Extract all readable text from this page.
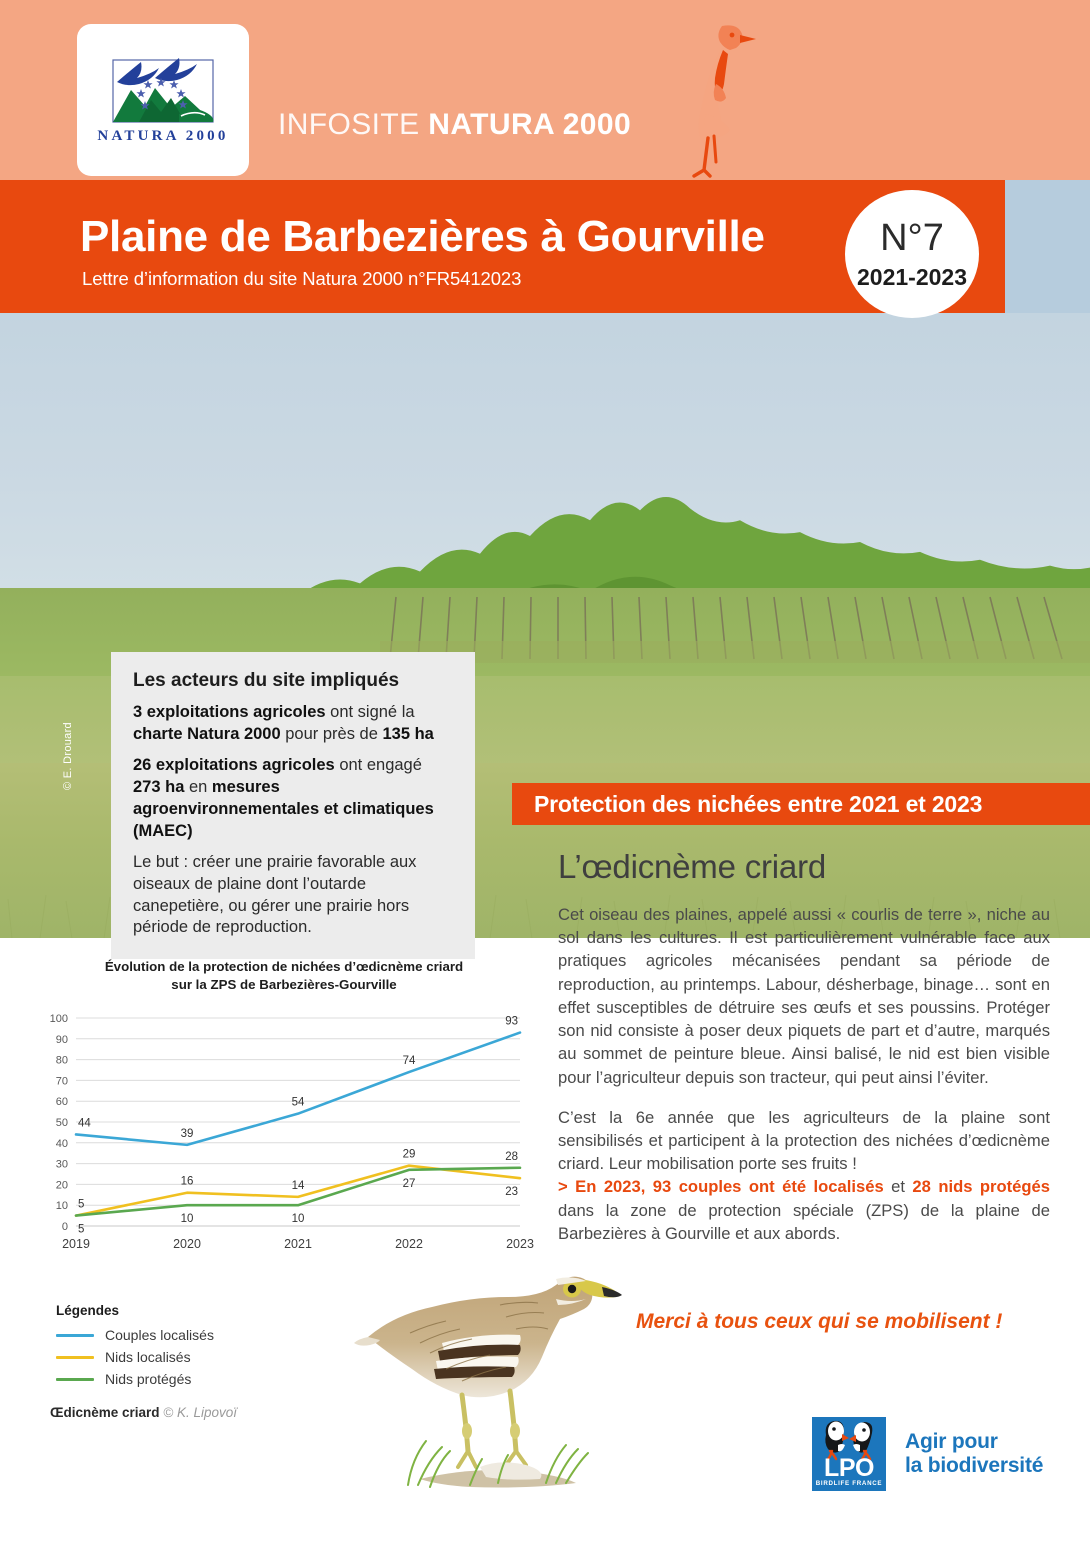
NATURA 2000 INFOSITE NATURA 2000
Plaine de Barbezières à Gourville
Lettre d’information du site Natura 2000 n°FR5412023
N°7
2021-2023
© E. Drouard
Les acteurs du site impliqués

3 exploitations agricoles ont signé la charte Natura 2000 pour près de 135 ha

26 exploitations agricoles ont engagé
273 ha en mesures agroenvironnementales et climatiques (MAEC)

Le but : créer une prairie favorable aux oiseaux de plaine dont l’outarde canepetière, ou gérer une prairie hors période de reproduction.

Protection des nichées entre 2021 et 2023
L’œdicnème criard

Cet oiseau des plaines, appelé aussi « courlis de terre », niche au sol dans les cultures. Il est particulièrement vulnérable face aux pratiques agricoles mécanisées pendant sa période de reproduction, au printemps. Labour, désherbage, binage… sont en effet susceptibles de détruire ses œufs et ses poussins. Protéger son nid consiste à poser deux piquets de part et d’autre, marqués au sommet de peinture bleue. Ainsi balisé, le nid est bien visible pour l’agriculteur depuis son tracteur, qui peut ainsi l’éviter.

C’est la 6e année que les agriculteurs de la plaine sont sensibilisés et participent à la protection des nichées d’œdicnème criard. Leur mobilisation porte ses fruits !

> En 2023, 93 couples ont été localisés et 28 nids protégés dans la zone de protection spéciale (ZPS) de la plaine de Barbezières à Gourville et aux abords.

Merci à tous ceux qui se mobilisent !
Évolution de la protection de nichées d’œdicnème criard
sur la ZPS de Barbezières-Gourville
0
10
20
30
40
50
60
70
80
90
100
2019	2020	2021	2022	2023
44
39
54
74
93
5
16	14
29
23
5
10	10
27
28
Légendes
Couples localisés
Nids localisés
Nids protégés
Œdicnème criard © K. Lipovoï
LPO
BIRDLIFE FRANCE
Agir pour
la biodiversité
